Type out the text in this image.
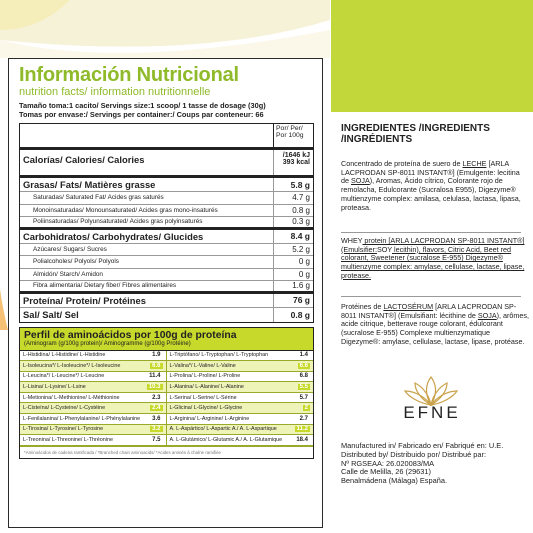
Información Nutricional
nutrition facts/ information nutritionnelle
Tamaño toma:1 cacito/ Servings size:1 scoop/ 1 tasse de dosage (30g)
Tomas por envase:/ Servings per container:/ Coups par conteneur: 66
Por/ Per/ Por 100g
Calorías/ Calories/ Calories	/1646 kJ
393 kcal
Grasas/ Fats/ Matières grasse	5.8 g
Saturadas/ Saturated Fat/ Acides gras saturés	4.7 g
Monoinsaturadas/ Monounsaturated/ Acides gras mono-insaturés	0.8 g
Poliinsaturadas/ Polyunsaturated/ Acides gras polyinsaturés	0.3 g
Carbohidratos/ Carbohydrates/ Glucides	8.4 g
Azúcares/ Sugars/ Sucres	5.2 g
Polialcoholes/ Polyols/ Polyols	0 g
Almidón/ Starch/ Amidon	0 g
Fibra alimentaria/ Dietary fiber/ Fibres alimentaires	1.6 g
Proteína/ Protein/ Protéines	76 g
Sal/ Salt/ Sel	0.8 g
Perfil de aminoácidos por 100g de proteína
(Aminogram (g/100g protein)/ Aminogramme (g/100g Protéine)
L-Histidina/ L-Histidine/ L-Histidine	1.9	L-Triptófano/ L-Tryptophan/ L-Tryptophan	1.4
L-Isoleucina*/ L-Isoleucine*/ L-Isoleucine	6.6	L-Valina*/ L-Valine/ L-Valine	6.6
L-Leucina*/ L-Leucine*/ L-Leucine	11.4	L-Prolina/ L-Proline/ L-Proline	6.8
L-Lisina/ L-Lysine/ L-Lsine	10.3	L-Alanina/ L-Alanine/ L-Alanine	5.5
L-Metionina/ L-Methionine/ L-Méthionine	2.3	L-Serina/ L-Serine/ L-Sérine	5.7
L-Cisteína/ L-Cysteine/ L-Cystéine	2.4	L-Glicina/ L-Glycine/ L-Glycine	2
L-Fenilalanina/ L-Phenylalanine/ L-Phénylalanine	3.6	L-Arginina/ L-Arginine/ L-Arginine	2.7
L-Tirosina/ L-Tyrosine/ L-Tyrosine	3.2	A. L-Aspártico/ L-Aspartic A./ A. L-Aspartique	11.2
L-Treonina/ L-Threonine/ L-Thréonine	7.5	A. L-Glutámico/ L-Glutamic A./ A. L-Glutamique	18.4
*Aminoácidos de cadena ramificada / *Branched chain aminoacids/ *Acides aminés à chaîne ramifiée
INGREDIENTES /INGREDIENTS /INGRÉDIENTS
Concentrado de proteína de suero de LECHE [ARLA LACPRODAN SP-8011 INSTANT®] (Emulgente: lecitina de SOJA), Aromas, Ácido cítrico, Colorante rojo de remolacha, Edulcorante (Sucralosa E955), Digezyme® multienzyme complex: amilasa, celulasa, lactasa, lipasa, proteasa.
WHEY protein [ARLA LACPRODAN SP-8011 INSTANT®] (Emulsifier:SOY lecithin), flavors, Citric Acid, Beet red colorant, Sweetener (sucralose E-955) Digezyme® multienzyme complex: amylase, cellulase, lactase, lipase, protease.
Protéines de LACTOSÉRUM [ARLA LACPRODAN SP-8011 INSTANT®] (Emulsifiant: lécithine de SOJA), arômes, acide citrique, betterave rouge colorant, édulcorant (sucralose E-955) Complexe multienzymatique Digezyme®: amylase, cellulase, lactase, lipase, protéase.
EFNE
Manufactured in/ Fabricado en/ Fabriqué en: U.E.
Distributed by/ Distribuido por/ Distribué par:
Nº RGSEAA: 26.020083/MA
Calle de Melilla, 26 (29631)
Benalmádena (Málaga) España.
